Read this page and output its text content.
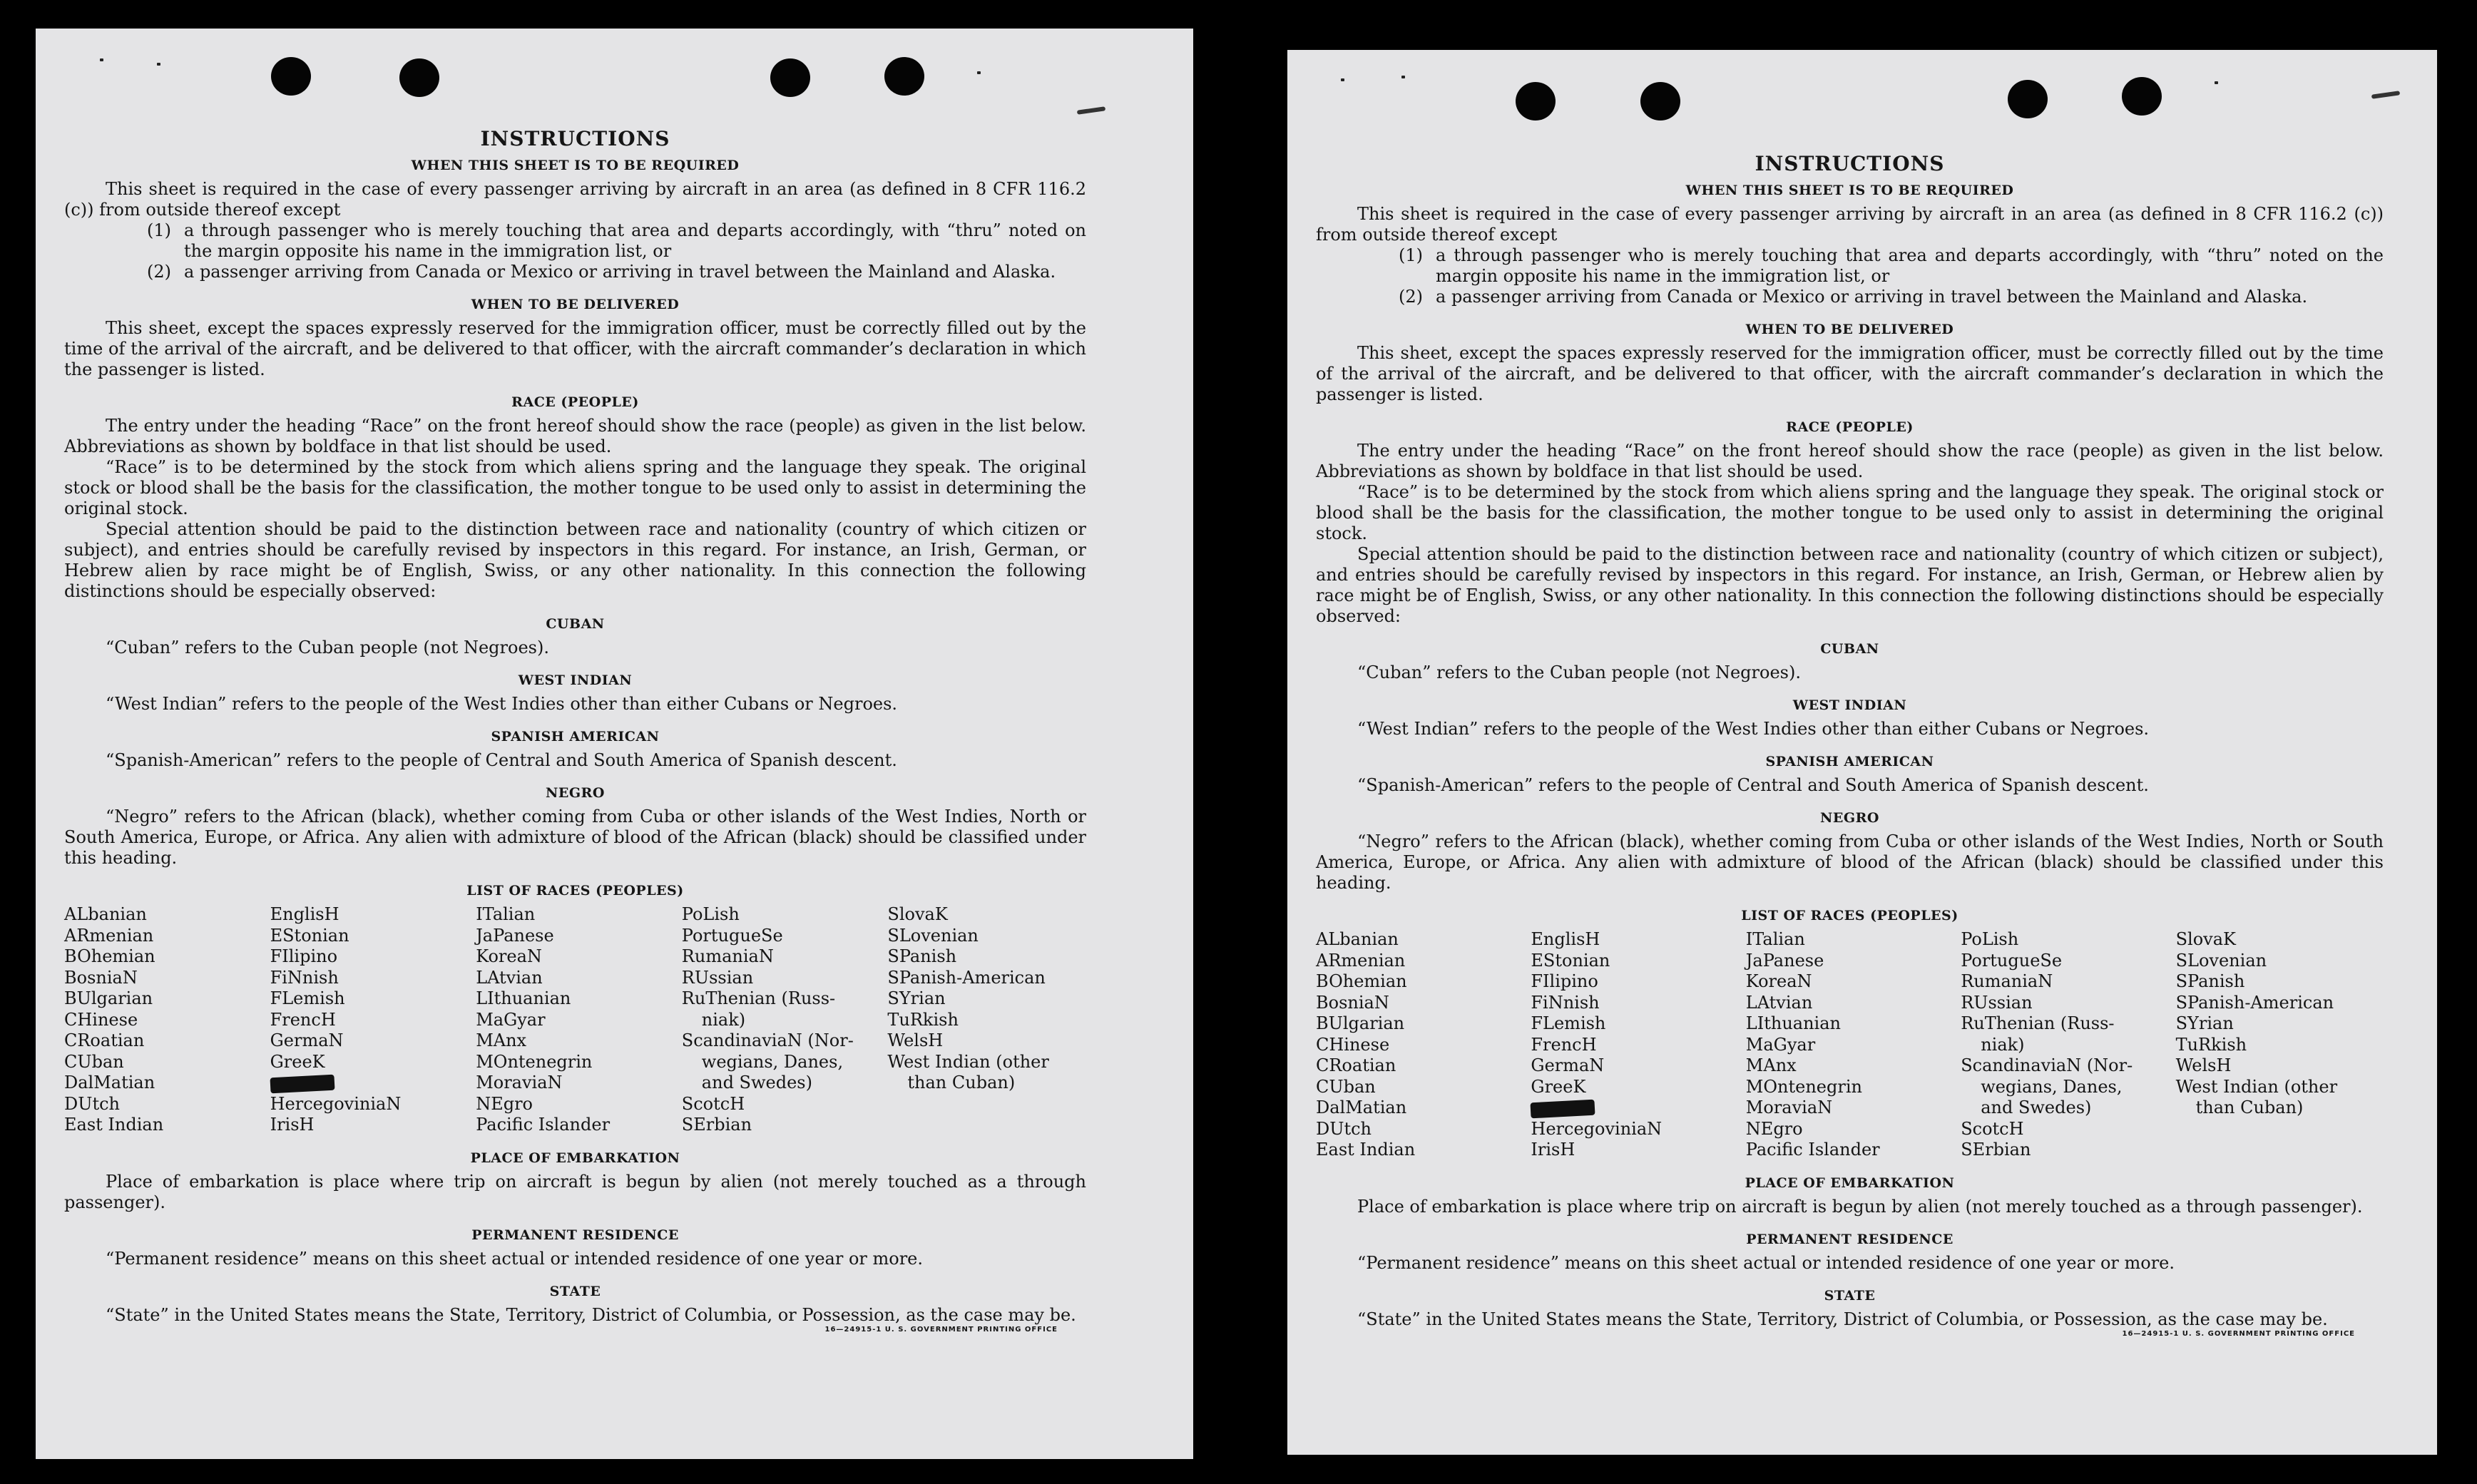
INSTRUCTIONS
WHEN THIS SHEET IS TO BE REQUIRED

This sheet is required in the case of every passenger arriving by aircraft in an area (as defined in 8 CFR 116.2 (c)) from outside thereof except

(1) a through passenger who is merely touching that area and departs accordingly, with “thru” noted on the margin opposite his name in the immigration list, or
(2) a passenger arriving from Canada or Mexico or arriving in travel between the Mainland and Alaska.
WHEN TO BE DELIVERED

This sheet, except the spaces expressly reserved for the immigration officer, must be correctly filled out by the time of the arrival of the aircraft, and be delivered to that officer, with the aircraft commander’s declaration in which the passenger is listed.

RACE (PEOPLE)

The entry under the heading “Race” on the front hereof should show the race (people) as given in the list below. Abbreviations as shown by boldface in that list should be used.

“Race” is to be determined by the stock from which aliens spring and the language they speak. The original stock or blood shall be the basis for the classification, the mother tongue to be used only to assist in determining the original stock.

Special attention should be paid to the distinction between race and nationality (country of which citizen or subject), and entries should be carefully revised by inspectors in this regard. For instance, an Irish, German, or Hebrew alien by race might be of English, Swiss, or any other nationality. In this connection the following distinctions should be especially observed:

CUBAN

“Cuban” refers to the Cuban people (not Negroes).

WEST INDIAN

“West Indian” refers to the people of the West Indies other than either Cubans or Negroes.

SPANISH AMERICAN

“Spanish-American” refers to the people of Central and South America of Spanish descent.

NEGRO

“Negro” refers to the African (black), whether coming from Cuba or other islands of the West Indies, North or South America, Europe, or Africa. Any alien with admixture of blood of the African (black) should be classified under this heading.

LIST OF RACES (PEOPLES)
ALbanian
ARmenian
BOhemian
BosniaN
BUlgarian
CHinese
CRoatian
CUban
DalMatian
DUtch
East Indian
EnglisH
EStonian
FIlipino
FiNnish
FLemish
FrencH
GermaN
GreeK
HercegoviniaN
IrisH
ITalian
JaPanese
KoreaN
LAtvian
LIthuanian
MaGyar
MAnx
MOntenegrin
MoraviaN
NEgro
Pacific Islander
PoLish
PortugueSe
RumaniaN
RUssian
RuThenian (Russ-
niak)
ScandinaviaN (Nor-
wegians, Danes,
and Swedes)
ScotcH
SErbian
SlovaK
SLovenian
SPanish
SPanish-American
SYrian
TuRkish
WelsH
West Indian (other
than Cuban)
PLACE OF EMBARKATION

Place of embarkation is place where trip on aircraft is begun by alien (not merely touched as a through passenger).

PERMANENT RESIDENCE

“Permanent residence” means on this sheet actual or intended residence of one year or more.

STATE

“State” in the United States means the State, Territory, District of Columbia, or Possession, as the case may be.

16—24915-1 U. S. GOVERNMENT PRINTING OFFICE
INSTRUCTIONS
WHEN THIS SHEET IS TO BE REQUIRED

This sheet is required in the case of every passenger arriving by aircraft in an area (as defined in 8 CFR 116.2 (c)) from outside thereof except

(1) a through passenger who is merely touching that area and departs accordingly, with “thru” noted on the margin opposite his name in the immigration list, or
(2) a passenger arriving from Canada or Mexico or arriving in travel between the Mainland and Alaska.
WHEN TO BE DELIVERED

This sheet, except the spaces expressly reserved for the immigration officer, must be correctly filled out by the time of the arrival of the aircraft, and be delivered to that officer, with the aircraft commander’s declaration in which the passenger is listed.

RACE (PEOPLE)

The entry under the heading “Race” on the front hereof should show the race (people) as given in the list below. Abbreviations as shown by boldface in that list should be used.

“Race” is to be determined by the stock from which aliens spring and the language they speak. The original stock or blood shall be the basis for the classification, the mother tongue to be used only to assist in determining the original stock.

Special attention should be paid to the distinction between race and nationality (country of which citizen or subject), and entries should be carefully revised by inspectors in this regard. For instance, an Irish, German, or Hebrew alien by race might be of English, Swiss, or any other nationality. In this connection the following distinctions should be especially observed:

CUBAN

“Cuban” refers to the Cuban people (not Negroes).

WEST INDIAN

“West Indian” refers to the people of the West Indies other than either Cubans or Negroes.

SPANISH AMERICAN

“Spanish-American” refers to the people of Central and South America of Spanish descent.

NEGRO

“Negro” refers to the African (black), whether coming from Cuba or other islands of the West Indies, North or South America, Europe, or Africa. Any alien with admixture of blood of the African (black) should be classified under this heading.

LIST OF RACES (PEOPLES)
ALbanian
ARmenian
BOhemian
BosniaN
BUlgarian
CHinese
CRoatian
CUban
DalMatian
DUtch
East Indian
EnglisH
EStonian
FIlipino
FiNnish
FLemish
FrencH
GermaN
GreeK
HercegoviniaN
IrisH
ITalian
JaPanese
KoreaN
LAtvian
LIthuanian
MaGyar
MAnx
MOntenegrin
MoraviaN
NEgro
Pacific Islander
PoLish
PortugueSe
RumaniaN
RUssian
RuThenian (Russ-
niak)
ScandinaviaN (Nor-
wegians, Danes,
and Swedes)
ScotcH
SErbian
SlovaK
SLovenian
SPanish
SPanish-American
SYrian
TuRkish
WelsH
West Indian (other
than Cuban)
PLACE OF EMBARKATION

Place of embarkation is place where trip on aircraft is begun by alien (not merely touched as a through passenger).

PERMANENT RESIDENCE

“Permanent residence” means on this sheet actual or intended residence of one year or more.

STATE

“State” in the United States means the State, Territory, District of Columbia, or Possession, as the case may be.

16—24915-1 U. S. GOVERNMENT PRINTING OFFICE
